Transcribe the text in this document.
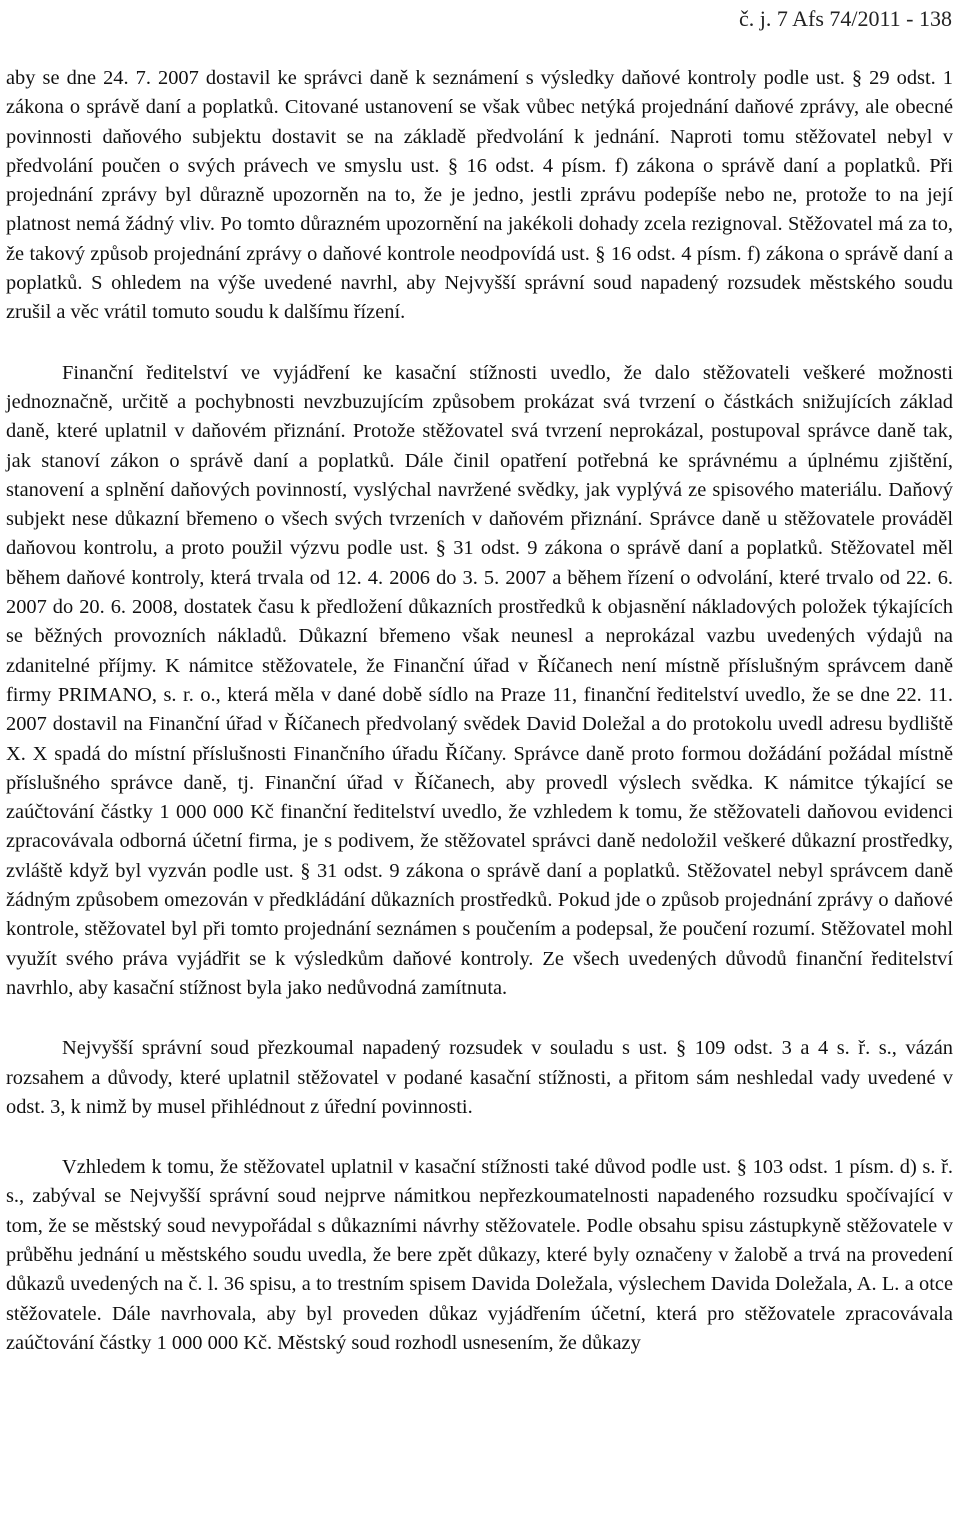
č. j. 7 Afs 74/2011 - 138

aby se dne 24. 7. 2007 dostavil ke správci daně k seznámení s výsledky daňové kontroly podle ust. § 29 odst. 1 zákona o správě daní a poplatků. Citované ustanovení se však vůbec netýká projednání daňové zprávy, ale obecné povinnosti daňového subjektu dostavit se na základě předvolání k jednání. Naproti tomu stěžovatel nebyl v předvolání poučen o svých právech ve smyslu ust. § 16 odst. 4 písm. f) zákona o správě daní a poplatků. Při projednání zprávy byl důrazně upozorněn na to, že je jedno, jestli zprávu podepíše nebo ne, protože to na její platnost nemá žádný vliv. Po tomto důrazném upozornění na jakékoli dohady zcela rezignoval. Stěžovatel má za to, že takový způsob projednání zprávy o daňové kontrole neodpovídá ust. § 16 odst. 4 písm. f) zákona o správě daní a poplatků. S ohledem na výše uvedené navrhl, aby Nejvyšší správní soud napadený rozsudek městského soudu zrušil a věc vrátil tomuto soudu k dalšímu řízení.

Finanční ředitelství ve vyjádření ke kasační stížnosti uvedlo, že dalo stěžovateli veškeré možnosti jednoznačně, určitě a pochybnosti nevzbuzujícím způsobem prokázat svá tvrzení o částkách snižujících základ daně, které uplatnil v daňovém přiznání. Protože stěžovatel svá tvrzení neprokázal, postupoval správce daně tak, jak stanoví zákon o správě daní a poplatků. Dále činil opatření potřebná ke správnému a úplnému zjištění, stanovení a splnění daňových povinností, vyslýchal navržené svědky, jak vyplývá ze spisového materiálu. Daňový subjekt nese důkazní břemeno o všech svých tvrzeních v daňovém přiznání. Správce daně u stěžovatele prováděl daňovou kontrolu, a proto použil výzvu podle ust. § 31 odst. 9 zákona o správě daní a poplatků. Stěžovatel měl během daňové kontroly, která trvala od 12. 4. 2006 do 3. 5. 2007 a během řízení o odvolání, které trvalo od 22. 6. 2007 do 20. 6. 2008, dostatek času k předložení důkazních prostředků k objasnění nákladových položek týkajících se běžných provozních nákladů. Důkazní břemeno však neunesl a neprokázal vazbu uvedených výdajů na zdanitelné příjmy. K námitce stěžovatele, že Finanční úřad v Říčanech není místně příslušným správcem daně firmy PRIMANO, s. r. o., která měla v dané době sídlo na Praze 11, finanční ředitelství uvedlo, že se dne 22. 11. 2007 dostavil na Finanční úřad v Říčanech předvolaný svědek David Doležal a do protokolu uvedl adresu bydliště X. X spadá do místní příslušnosti Finančního úřadu Říčany. Správce daně proto formou dožádání požádal místně příslušného správce daně, tj. Finanční úřad v Říčanech, aby provedl výslech svědka. K námitce týkající se zaúčtování částky 1 000 000 Kč finanční ředitelství uvedlo, že vzhledem k tomu, že stěžovateli daňovou evidenci zpracovávala odborná účetní firma, je s podivem, že stěžovatel správci daně nedoložil veškeré důkazní prostředky, zvláště když byl vyzván podle ust. § 31 odst. 9 zákona o správě daní a poplatků. Stěžovatel nebyl správcem daně žádným způsobem omezován v předkládání důkazních prostředků. Pokud jde o způsob projednání zprávy o daňové kontrole, stěžovatel byl při tomto projednání seznámen s poučením a podepsal, že poučení rozumí. Stěžovatel mohl využít svého práva vyjádřit se k výsledkům daňové kontroly. Ze všech uvedených důvodů finanční ředitelství navrhlo, aby kasační stížnost byla jako nedůvodná zamítnuta.

Nejvyšší správní soud přezkoumal napadený rozsudek v souladu s ust. § 109 odst. 3 a 4 s. ř. s., vázán rozsahem a důvody, které uplatnil stěžovatel v podané kasační stížnosti, a přitom sám neshledal vady uvedené v odst. 3, k nimž by musel přihlédnout z úřední povinnosti.

Vzhledem k tomu, že stěžovatel uplatnil v kasační stížnosti také důvod podle ust. § 103 odst. 1 písm. d) s. ř. s., zabýval se Nejvyšší správní soud nejprve námitkou nepřezkoumatelnosti napadeného rozsudku spočívající v tom, že se městský soud nevypořádal s důkazními návrhy stěžovatele. Podle obsahu spisu zástupkyně stěžovatele v průběhu jednání u městského soudu uvedla, že bere zpět důkazy, které byly označeny v žalobě a trvá na provedení důkazů uvedených na č. l. 36 spisu, a to trestním spisem Davida Doležala, výslechem Davida Doležala, A. L. a otce stěžovatele. Dále navrhovala, aby byl proveden důkaz vyjádřením účetní, která pro stěžovatele zpracovávala zaúčtování částky 1 000 000 Kč. Městský soud rozhodl usnesením, že důkazy
